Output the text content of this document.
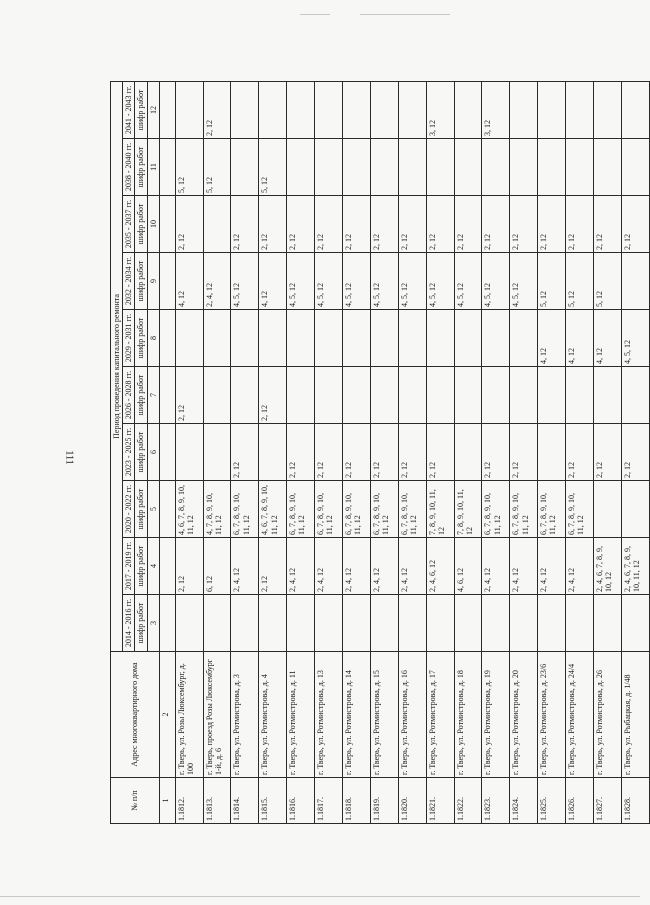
111
№ п/п	Адрес многоквартирного дома	Период проведения капитального ремонта									
		2014 - 2016 гг.	2017 - 2019 гг.	2020 - 2022 гг.	2023 - 2025 гг.	2026 - 2028 гг.	2029 - 2031 гг.	2032 - 2034 гг.	2035 - 2037 гг.	2038 - 2040 гг.	2041 - 2043 гг.
		шифр работ	шифр работ	шифр работ	шифр работ	шифр работ	шифр работ	шифр работ	шифр работ	шифр работ	шифр работ
		3	4	5	6	7	8	9	10	11	12
1	2										
1.1812.	г. Тверь, ул. Розы Люксембург, д. 100		2, 12	4, 6, 7, 8, 9, 10, 11, 12		2, 12		4, 12	2, 12	5, 12	
1.1813.	г. Тверь, проезд Розы Люксембург 1-й, д. 6		6, 12	4, 7, 8, 9, 10, 11, 12				2, 4, 12		5, 12	2, 12
1.1814.	г. Тверь, ул. Ротмистрова, д. 3		2, 4, 12	6, 7, 8, 9, 10, 11, 12	2, 12			4, 5, 12	2, 12		
1.1815.	г. Тверь, ул. Ротмистрова, д. 4		2, 12	4, 6, 7, 8, 9, 10, 11, 12		2, 12		4, 12	2, 12	5, 12	
1.1816.	г. Тверь, ул. Ротмистрова, д. 11		2, 4, 12	6, 7, 8, 9, 10, 11, 12	2, 12			4, 5, 12	2, 12		
1.1817.	г. Тверь, ул. Ротмистрова, д. 13		2, 4, 12	6, 7, 8, 9, 10, 11, 12	2, 12			4, 5, 12	2, 12		
1.1818.	г. Тверь, ул. Ротмистрова, д. 14		2, 4, 12	6, 7, 8, 9, 10, 11, 12	2, 12			4, 5, 12	2, 12		
1.1819.	г. Тверь, ул. Ротмистрова, д. 15		2, 4, 12	6, 7, 8, 9, 10, 11, 12	2, 12			4, 5, 12	2, 12		
1.1820.	г. Тверь, ул. Ротмистрова, д. 16		2, 4, 12	6, 7, 8, 9, 10, 11, 12	2, 12			4, 5, 12	2, 12		
1.1821.	г. Тверь, ул. Ротмистрова, д. 17		2, 4, 6, 12	7, 8, 9, 10, 11, 12	2, 12			4, 5, 12	2, 12		3, 12
1.1822.	г. Тверь, ул. Ротмистрова, д. 18		4, 6, 12	7, 8, 9, 10, 11, 12				4, 5, 12	2, 12		
1.1823.	г. Тверь, ул. Ротмистрова, д. 19		2, 4, 12	6, 7, 8, 9, 10, 11, 12	2, 12			4, 5, 12	2, 12		3, 12
1.1824.	г. Тверь, ул. Ротмистрова, д. 20		2, 4, 12	6, 7, 8, 9, 10, 11, 12	2, 12			4, 5, 12	2, 12		
1.1825.	г. Тверь, ул. Ротмистрова, д. 23/6		2, 4, 12	6, 7, 8, 9, 10, 11, 12			4, 12	5, 12	2, 12		
1.1826.	г. Тверь, ул. Ротмистрова, д. 24/4		2, 4, 12	6, 7, 8, 9, 10, 11, 12	2, 12		4, 12	5, 12	2, 12		
1.1827.	г. Тверь, ул. Ротмистрова, д. 26		2, 4, 6, 7, 8, 9, 10, 12		2, 12		4, 12	5, 12	2, 12		
1.1828.	г. Тверь, ул. Рыбацкая, д. 1/48		2, 4, 6, 7, 8, 9, 10, 11, 12		2, 12		4, 5, 12		2, 12		
